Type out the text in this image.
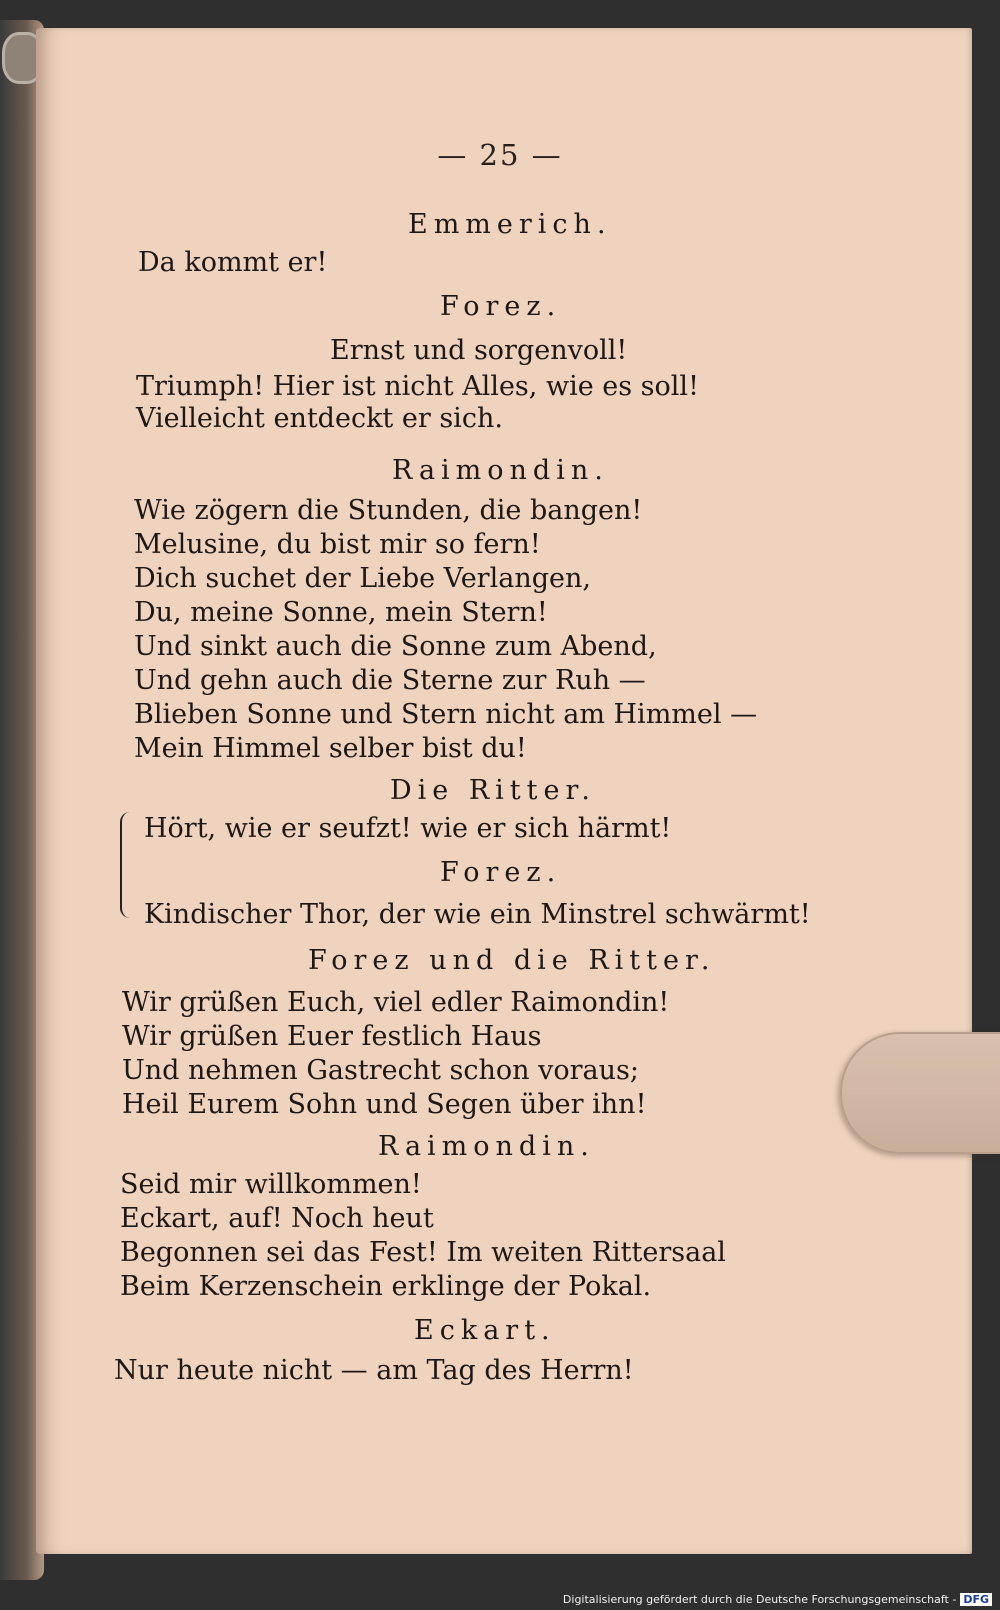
— 25 —
Emmerich.
Da kommt er!
Forez.
Ernst und sorgenvoll!
Triumph! Hier ist nicht Alles, wie es soll!
Vielleicht entdeckt er sich.
Raimondin.
Wie zögern die Stunden, die bangen!
Melusine, du bist mir so fern!
Dich suchet der Liebe Verlangen,
Du, meine Sonne, mein Stern!
Und sinkt auch die Sonne zum Abend,
Und gehn auch die Sterne zur Ruh —
Blieben Sonne und Stern nicht am Himmel —
Mein Himmel selber bist du!
Die Ritter.
Hört, wie er seufzt! wie er sich härmt!
Forez.
Kindischer Thor, der wie ein Minstrel schwärmt!
Forez und die Ritter.
Wir grüßen Euch, viel edler Raimondin!
Wir grüßen Euer festlich Haus
Und nehmen Gastrecht schon voraus;
Heil Eurem Sohn und Segen über ihn!
Raimondin.
Seid mir willkommen!
Eckart, auf! Noch heut
Begonnen sei das Fest! Im weiten Rittersaal
Beim Kerzenschein erklinge der Pokal.
Eckart.
Nur heute nicht — am Tag des Herrn!
Digitalisierung gefördert durch die Deutsche Forschungsgemeinschaft - DFG
